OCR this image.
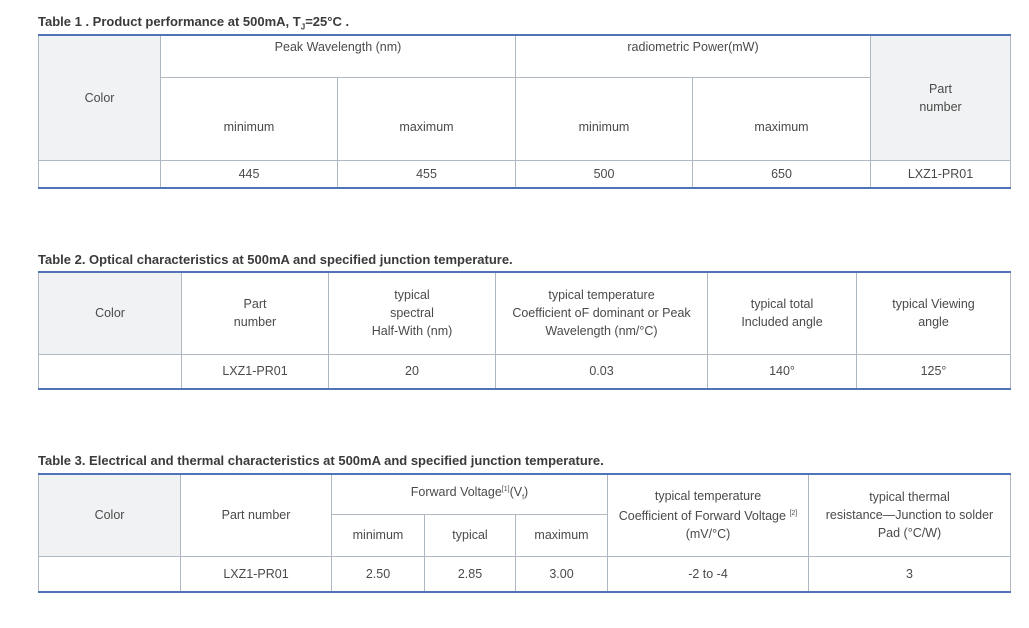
Table 1 . Product performance at 500mA, $T_J=25^\circ C$ .
Color	Peak Wavelength (nm)		radiometric Power(mW)		Part
number
	minimum	maximum	minimum	maximum	
Royal Blue	445	455	500	650	LXZ1-PR01
Table 2. Optical characteristics at 500mA and specified junction temperature.
Color	Part
number	typical
spectral
Half-With (nm)	typical temperature
Coefficient oF dominant or Peak
Wavelength (nm/°C)	typical total
Included angle	typical Viewing
angle
Royal Blue	LXZ1-PR01	20	0.03	140°	125°
Table 3. Electrical and thermal characteristics at 500mA and specified junction temperature.
Color	Part number	Forward $Voltage[1](V_f)$			typical temperature
Coefficient of Forward Voltage [2]
(mV/°C)	typical thermal
resistance—Junction to solder
Pad (°C/W)
		minimum	typical	maximum		
Royal Blue	LXZ1-PR01	2.50	2.85	3.00	-2 to -4	3
